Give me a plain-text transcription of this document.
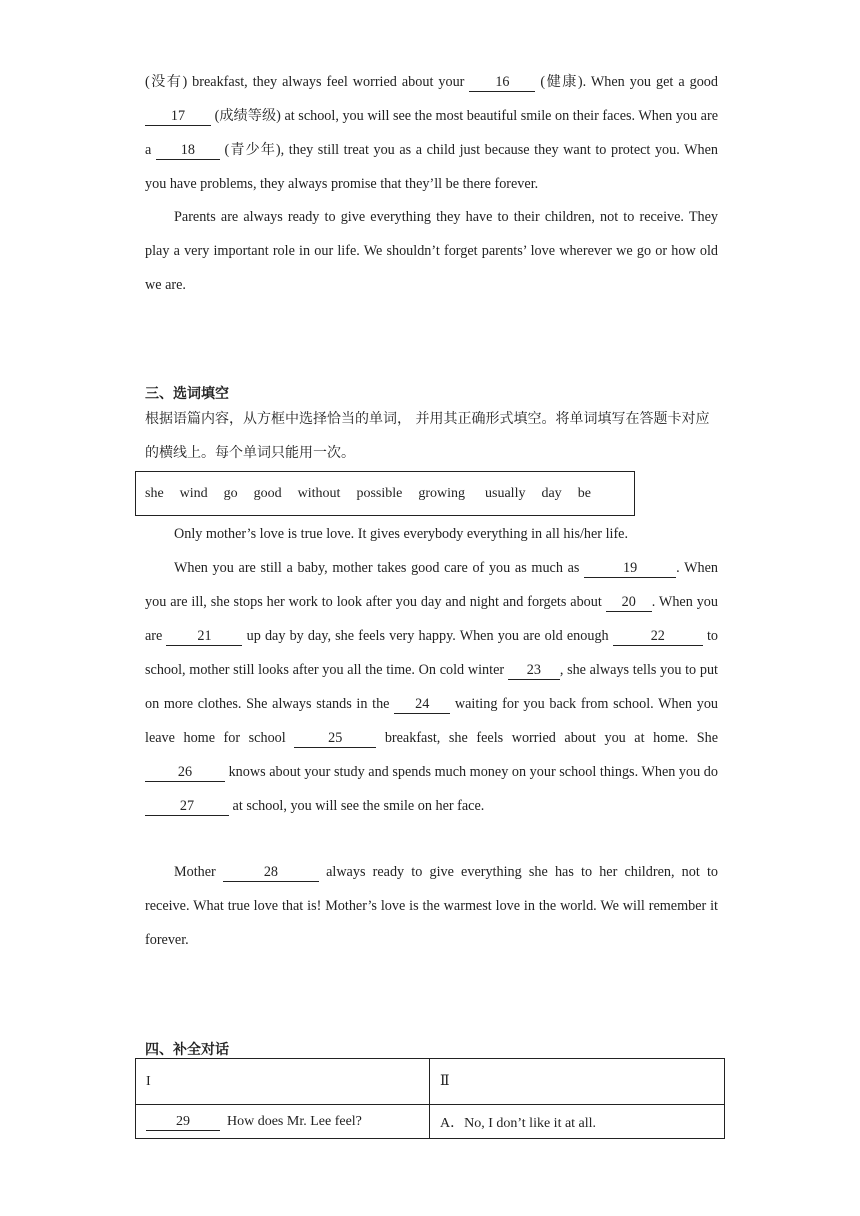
(没有) breakfast, they always feel worried about your 16 (健康). When you get a good 17 (成绩等级) at school, you will see the most beautiful smile on their faces. When you are a 18 (青少年), they still treat you as a child just because they want to protect you. When you have problems, they always promise that they’ll be there forever.
Parents are always ready to give everything they have to their children, not to receive. They play a very important role in our life. We shouldn’t forget parents’ love wherever we go or how old we are.
三、选词填空
根据语篇内容，从方框中选择恰当的单词， 并用其正确形式填空。将单词填写在答题卡对应的横线上。每个单词只能用一次。
she wind go good without possible growing usually day be
Only mother’s love is true love. It gives everybody everything in all his/her life.
When you are still a baby, mother takes good care of you as much as	19	. When you are ill, she stops her work to look after you day and night and forgets about 20 . When you are 21 up day by day, she feels very happy. When you are old enough	22	to school, mother still looks after you all the time. On cold winter 23 , she always tells you to put on more clothes. She always stands in the 24 waiting for you back from school. When you leave home for school 25 breakfast, she feels worried about you at home. She 26 knows about your study and spends much money on your school things. When you do 27 at school, you will see the smile on her face.
Mother	28	always ready to give everything she has to her children, not to receive. What true love that is! Mother’s love is the warmest love in the world. We will remember it forever.
四、补全对话
I	Ⅱ
29 How does Mr. Lee feel?	A．No, I don’t like it at all.
